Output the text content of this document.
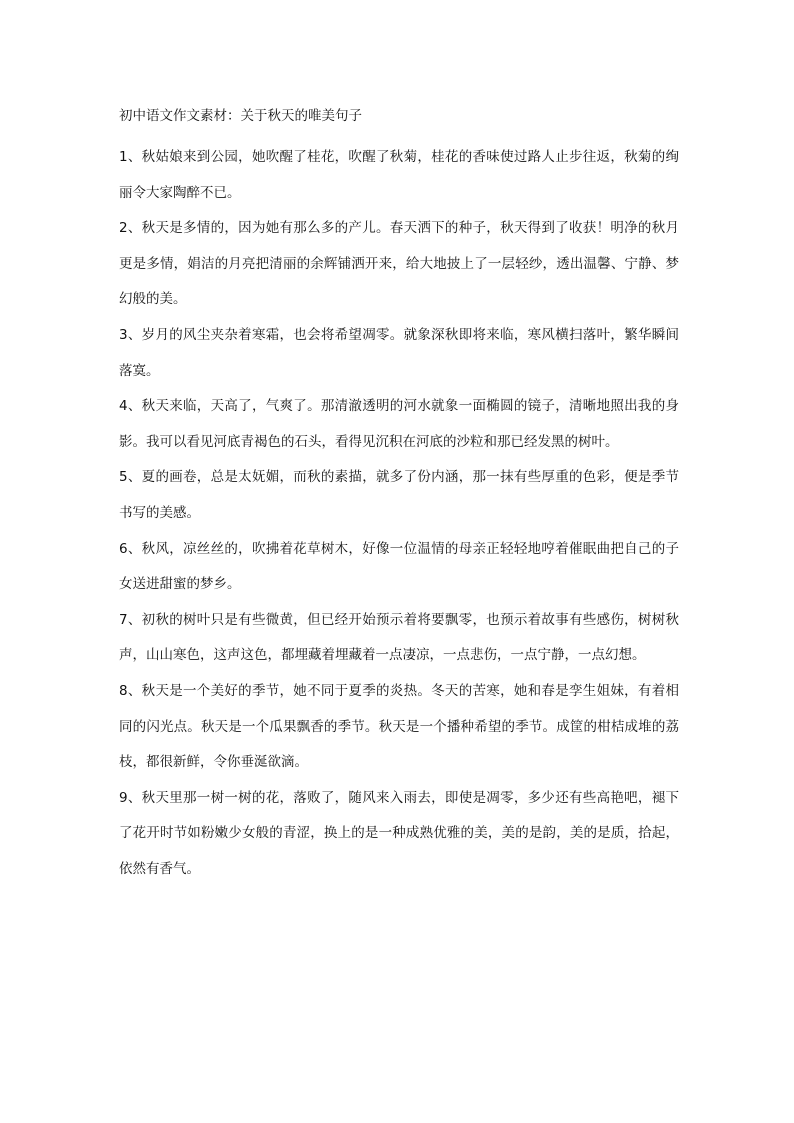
初中语文作文素材：关于秋天的唯美句子
1、秋姑娘来到公园，她吹醒了桂花，吹醒了秋菊，桂花的香味使过路人止步往返，秋菊的绚丽令大家陶醉不已。
2、秋天是多情的，因为她有那么多的产儿。春天洒下的种子，秋天得到了收获！明净的秋月更是多情，娟洁的月亮把清丽的余辉铺洒开来，给大地披上了一层轻纱，透出温馨、宁静、梦幻般的美。
3、岁月的风尘夹杂着寒霜，也会将希望凋零。就象深秋即将来临，寒风横扫落叶，繁华瞬间落寞。
4、秋天来临，天高了，气爽了。那清澈透明的河水就象一面椭圆的镜子，清晰地照出我的身影。我可以看见河底青褐色的石头，看得见沉积在河底的沙粒和那已经发黑的树叶。
5、夏的画卷，总是太妩媚，而秋的素描，就多了份内涵，那一抹有些厚重的色彩，便是季节书写的美感。
6、秋风，凉丝丝的，吹拂着花草树木，好像一位温情的母亲正轻轻地哼着催眠曲把自己的子女送进甜蜜的梦乡。
7、初秋的树叶只是有些微黄，但已经开始预示着将要飘零，也预示着故事有些感伤，树树秋声，山山寒色，这声这色，都埋藏着埋藏着一点凄凉，一点悲伤，一点宁静，一点幻想。
8、秋天是一个美好的季节，她不同于夏季的炎热。冬天的苦寒，她和春是孪生姐妹，有着相同的闪光点。秋天是一个瓜果飘香的季节。秋天是一个播种希望的季节。成筐的柑桔成堆的荔枝，都很新鲜，令你垂涎欲滴。
9、秋天里那一树一树的花，落败了，随风来入雨去，即使是凋零，多少还有些高艳吧，褪下了花开时节如粉嫩少女般的青涩，换上的是一种成熟优雅的美，美的是韵，美的是质，拾起，依然有香气。
